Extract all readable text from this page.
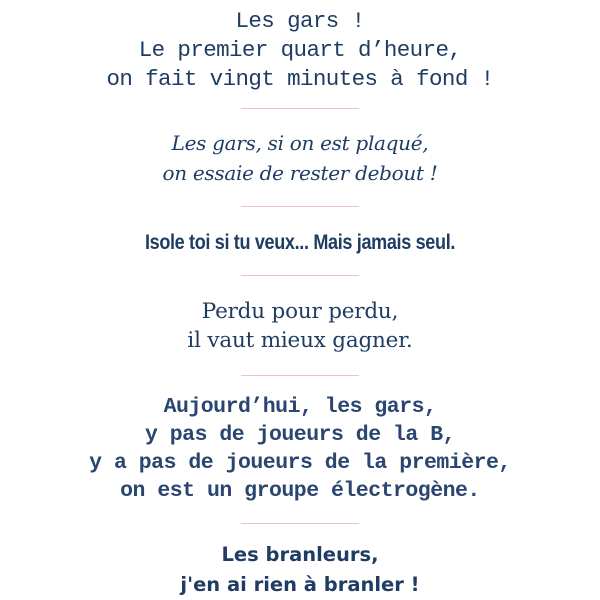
Les gars !
Le premier quart d’heure,
on fait vingt minutes à fond !
Les gars, si on est plaqué,
on essaie de rester debout !
Isole toi si tu veux... Mais jamais seul.
Perdu pour perdu,
il vaut mieux gagner.
Aujourd’hui, les gars,
y pas de joueurs de la B,
y a pas de joueurs de la première,
on est un groupe électrogène.
Les branleurs,
j'en ai rien à branler !
